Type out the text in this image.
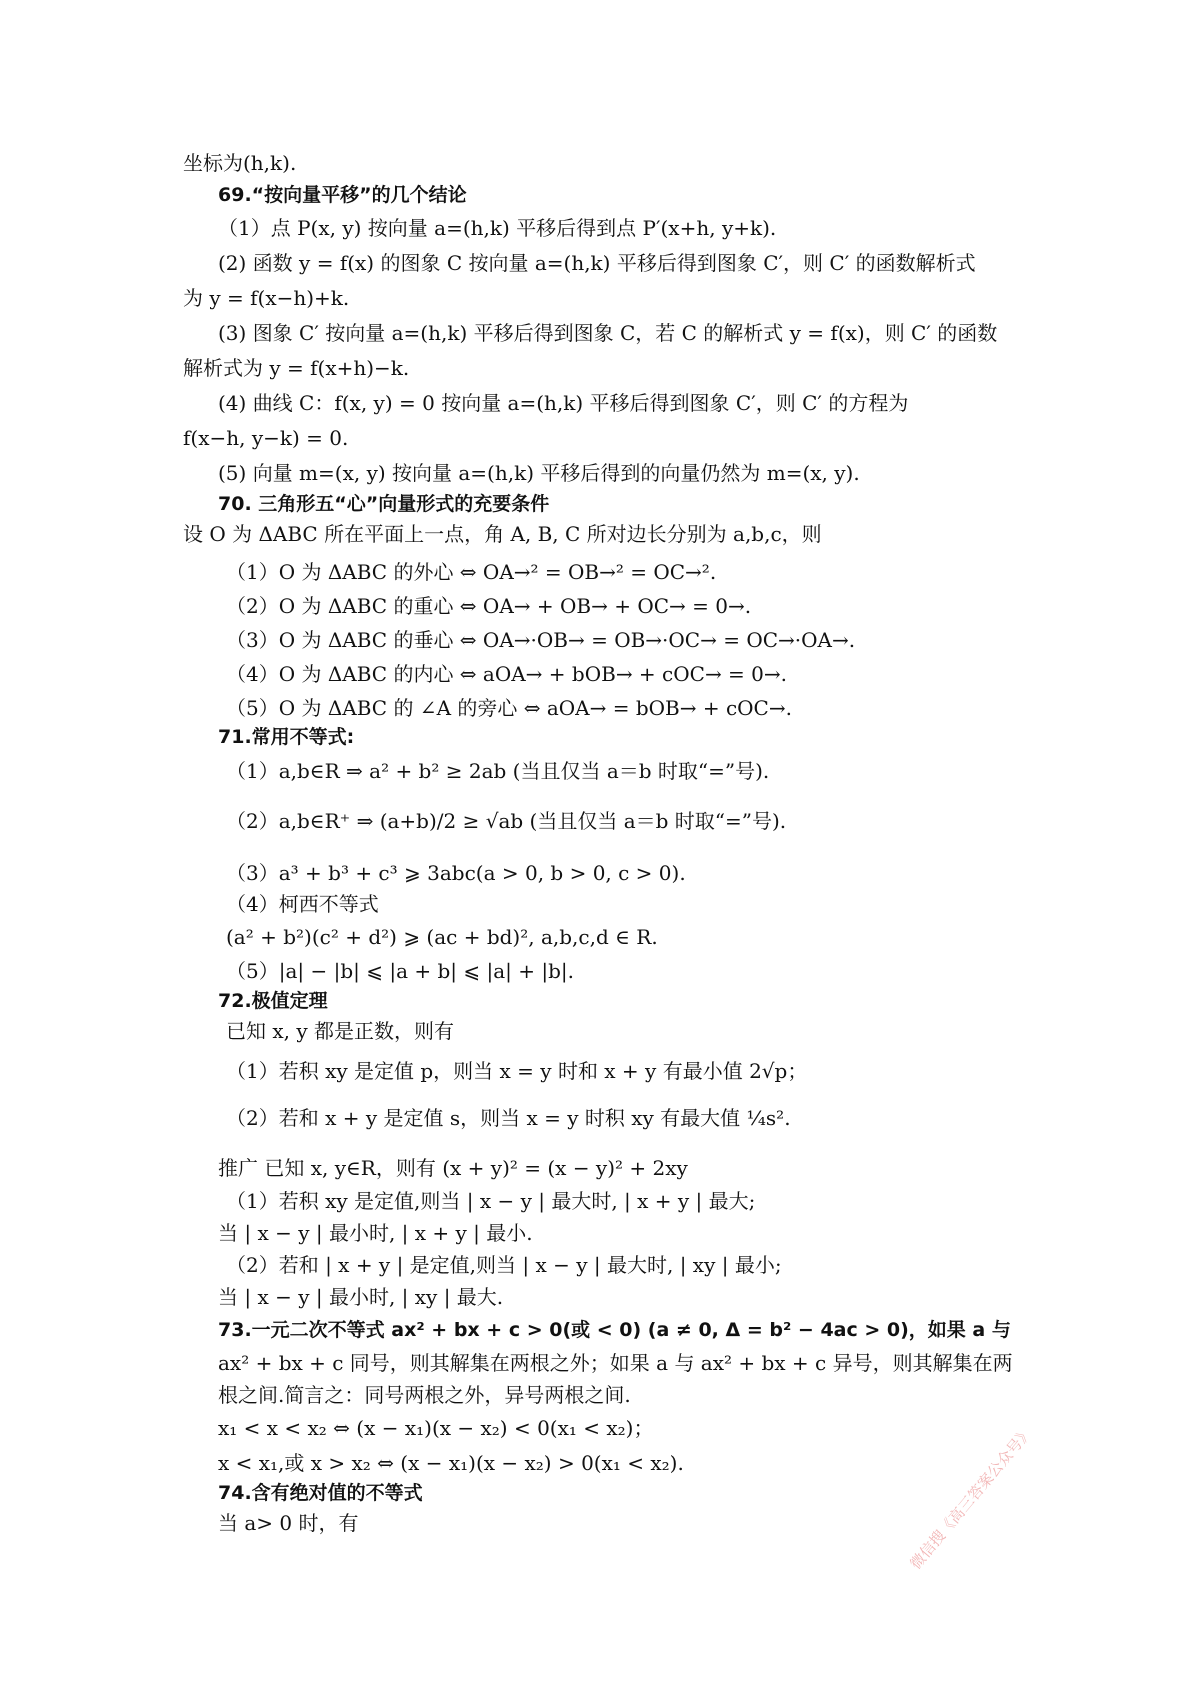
坐标为(h,k).
69.“按向量平移”的几个结论
（1）点 P(x, y) 按向量 a=(h,k) 平移后得到点 P′(x+h, y+k).
(2) 函数 y = f(x) 的图象 C 按向量 a=(h,k) 平移后得到图象 C′，则 C′ 的函数解析式
为 y = f(x−h)+k.
(3) 图象 C′ 按向量 a=(h,k) 平移后得到图象 C，若 C 的解析式 y = f(x)，则 C′ 的函数
解析式为 y = f(x+h)−k.
(4) 曲线 C：f(x, y) = 0 按向量 a=(h,k) 平移后得到图象 C′，则 C′ 的方程为
f(x−h, y−k) = 0.
(5) 向量 m=(x, y) 按向量 a=(h,k) 平移后得到的向量仍然为 m=(x, y).
70. 三角形五“心”向量形式的充要条件
设 O 为 ΔABC 所在平面上一点，角 A, B, C 所对边长分别为 a,b,c，则
（1）O 为 ΔABC 的外心 ⇔ OA→² = OB→² = OC→².
（2）O 为 ΔABC 的重心 ⇔ OA→ + OB→ + OC→ = 0→.
（3）O 为 ΔABC 的垂心 ⇔ OA→·OB→ = OB→·OC→ = OC→·OA→.
（4）O 为 ΔABC 的内心 ⇔ aOA→ + bOB→ + cOC→ = 0→.
（5）O 为 ΔABC 的 ∠A 的旁心 ⇔ aOA→ = bOB→ + cOC→.
71.常用不等式:
（1）a,b∈R ⇒ a² + b² ≥ 2ab (当且仅当 a＝b 时取“=”号).
（2）a,b∈R⁺ ⇒ (a+b)/2 ≥ √ab (当且仅当 a＝b 时取“=”号).
（3）a³ + b³ + c³ ⩾ 3abc(a > 0, b > 0, c > 0).
（4）柯西不等式
(a² + b²)(c² + d²) ⩾ (ac + bd)², a,b,c,d ∈ R.
（5）|a| − |b| ⩽ |a + b| ⩽ |a| + |b|.
72.极值定理
已知 x, y 都是正数，则有
（1）若积 xy 是定值 p，则当 x = y 时和 x + y 有最小值 2√p；
（2）若和 x + y 是定值 s，则当 x = y 时积 xy 有最大值 ¼s².
推广 已知 x, y∈R，则有 (x + y)² = (x − y)² + 2xy
（1）若积 xy 是定值,则当 | x − y | 最大时, | x + y | 最大;
当 | x − y | 最小时, | x + y | 最小.
（2）若和 | x + y | 是定值,则当 | x − y | 最大时, | xy | 最小;
当 | x − y | 最小时, | xy | 最大.
73.一元二次不等式 ax² + bx + c > 0(或 < 0) (a ≠ 0, Δ = b² − 4ac > 0)，如果 a 与
ax² + bx + c 同号，则其解集在两根之外；如果 a 与 ax² + bx + c 异号，则其解集在两
根之间.简言之：同号两根之外，异号两根之间.
x₁ < x < x₂ ⇔ (x − x₁)(x − x₂) < 0(x₁ < x₂)；
x < x₁,或 x > x₂ ⇔ (x − x₁)(x − x₂) > 0(x₁ < x₂).
74.含有绝对值的不等式
当 a> 0 时，有	微信搜《高三答案公众号》
